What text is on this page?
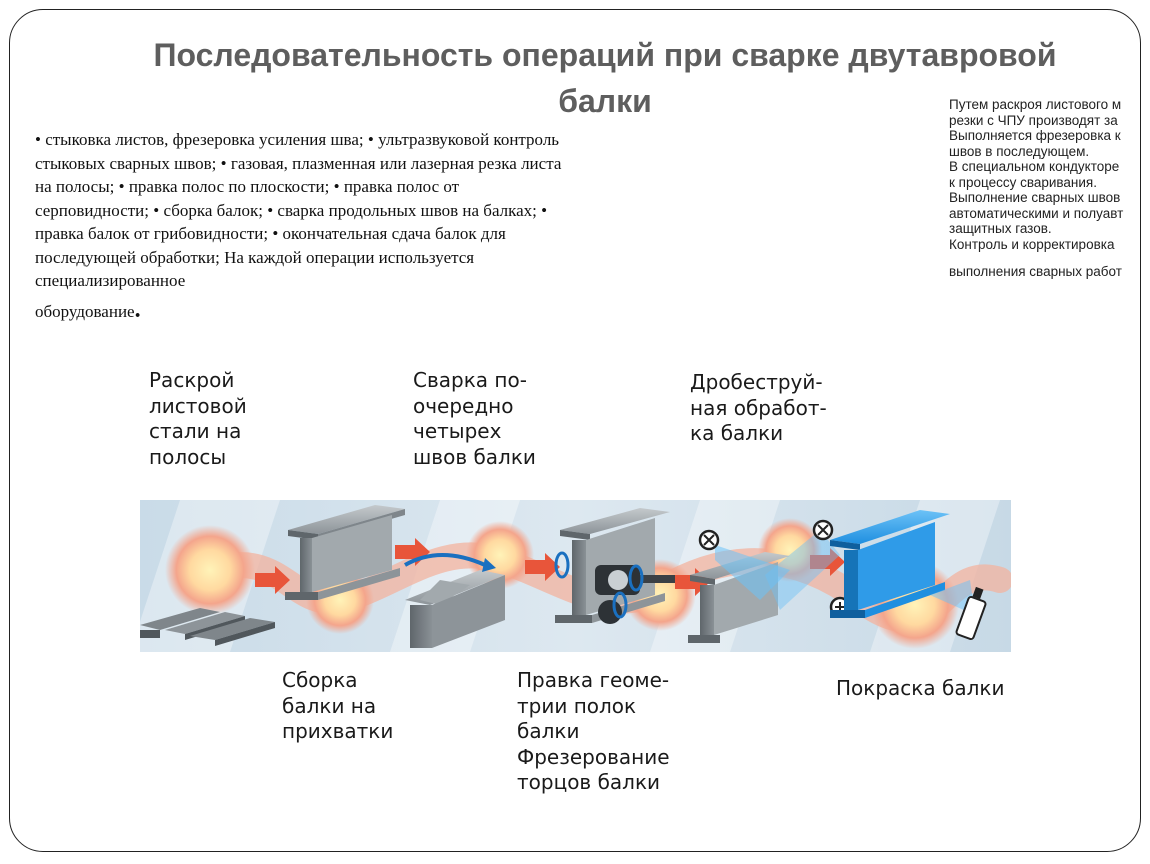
Последовательность операций при сварке двутавровой балки
• стыковка листов, фрезеровка усиления шва; • ультразвуковой контроль стыковых сварных швов; • газовая, плазменная или лазерная резка листа на полосы; • правка полос по плоскости; • правка полос от серповидности; • сборка балок; • сварка продольных швов на балках; • правка балок от грибовидности; • окончательная сдача балок для последующей обработки; На каждой операции используется специализированное
оборудование.
Путем раскроя листового м
резки с ЧПУ производят за
Выполняется фрезеровка к
швов в последующем.
В специальном кондукторе
к процессу сваривания.
Выполнение сварных швов
автоматическими и полуавт
защитных газов.
Контроль и корректировка
выполнения сварных работ
Раскрой
листовой
стали на
полосы
Сварка по-
очередно
четырех
швов балки
Дробеструй-
ная обработ-
ка балки
Сборка
балки на
прихватки
Правка геоме-
трии полок
балки
Фрезерование
торцов балки
Покраска балки
